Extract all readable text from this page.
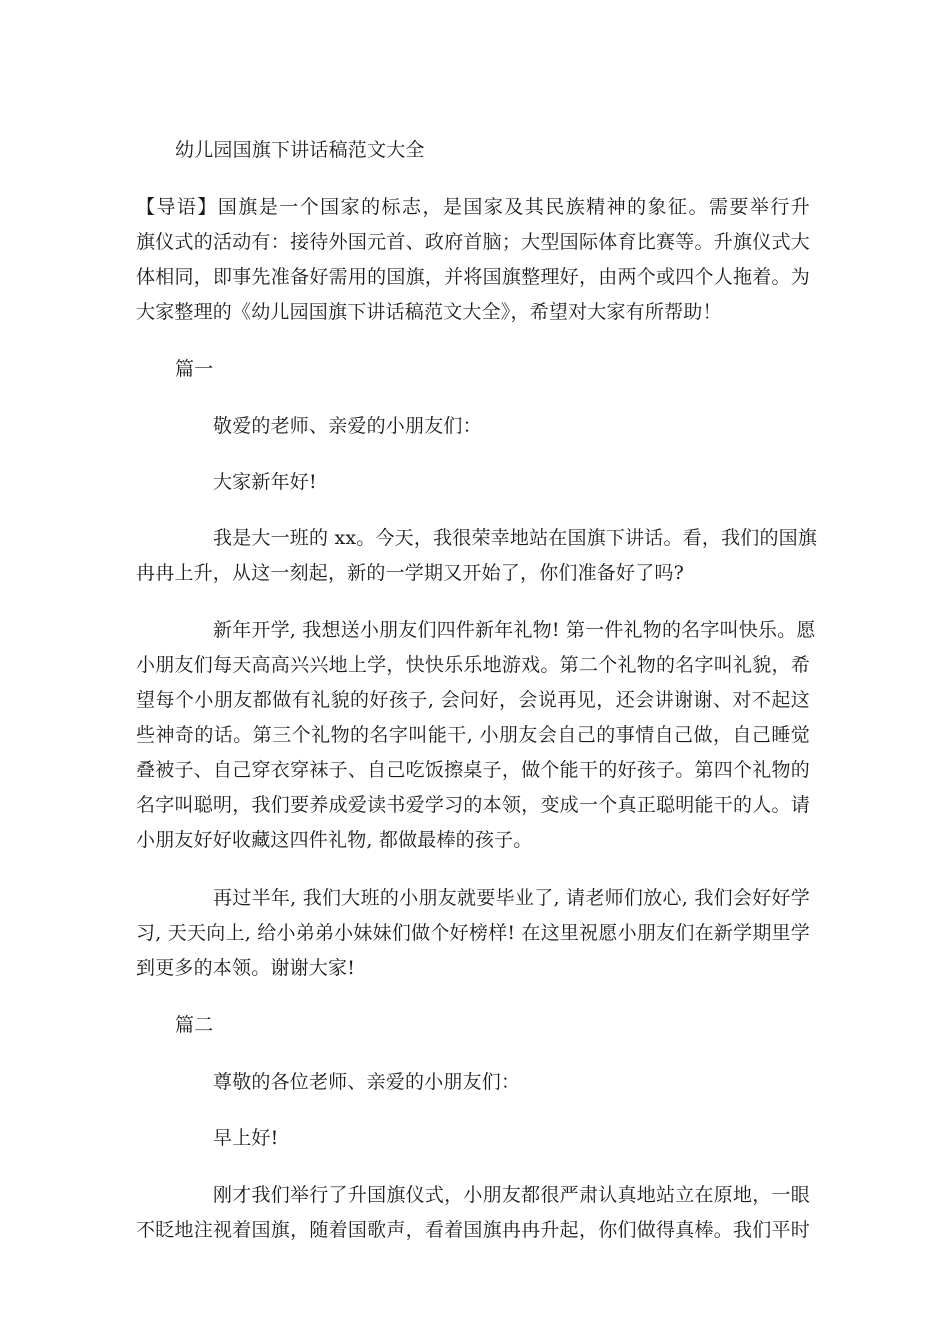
幼儿园国旗下讲话稿范文大全
【导语】国旗是一个国家的标志，是国家及其民族精神的象征。需要举行升
旗仪式的活动有：接待外国元首、政府首脑；大型国际体育比赛等。升旗仪式大
体相同，即事先准备好需用的国旗，并将国旗整理好，由两个或四个人拖着。为
大家整理的《幼儿园国旗下讲话稿范文大全》，希望对大家有所帮助！
篇一
敬爱的老师、亲爱的小朋友们：
大家新年好!
我是大一班的 xx。今天，我很荣幸地站在国旗下讲话。看，我们的国旗
冉冉上升，从这一刻起，新的一学期又开始了，你们准备好了吗?
新年开学, 我想送小朋友们四件新年礼物! 第一件礼物的名字叫快乐。愿
小朋友们每天高高兴兴地上学，快快乐乐地游戏。第二个礼物的名字叫礼貌，希
望每个小朋友都做有礼貌的好孩子, 会问好，会说再见，还会讲谢谢、对不起这
些神奇的话。第三个礼物的名字叫能干, 小朋友会自己的事情自己做，自己睡觉
叠被子、自己穿衣穿袜子、自己吃饭擦桌子，做个能干的好孩子。第四个礼物的
名字叫聪明，我们要养成爱读书爱学习的本领，变成一个真正聪明能干的人。请
小朋友好好收藏这四件礼物, 都做最棒的孩子。
再过半年, 我们大班的小朋友就要毕业了, 请老师们放心, 我们会好好学
习, 天天向上, 给小弟弟小妹妹们做个好榜样! 在这里祝愿小朋友们在新学期里学
到更多的本领。谢谢大家!
篇二
尊敬的各位老师、亲爱的小朋友们：
早上好!
刚才我们举行了升国旗仪式，小朋友都很严肃认真地站立在原地，一眼
不眨地注视着国旗，随着国歌声，看着国旗冉冉升起，你们做得真棒。我们平时
